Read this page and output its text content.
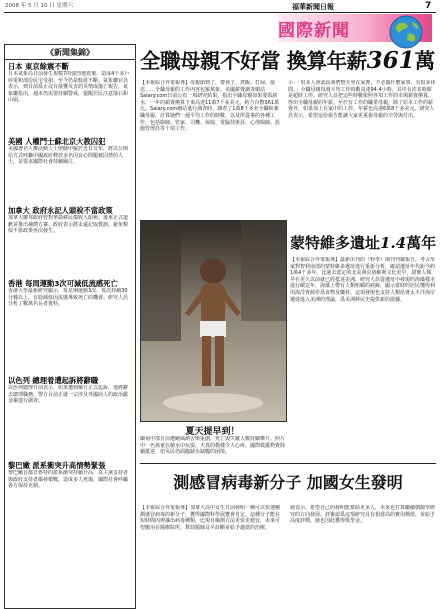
2008 年 5 月 10 日 星期六	福華新聞日報	7
國際新聞
《新聞集錦》
日本 東京餘震不斷
日本氣象局日前發生規模7的強烈地震後，造成4千多戶停電和部份民宅受損。至今仍是餘震不斷。氣象廳官員表示，到目前爲止沒有接獲災害的災情或傷亡報告，氣象廳指出，週末仍需要持續警戒，提醒居民注意落石和山崩。
美國 人權鬥士蘇北京大教囚犯
美國著名人權活動人士律師甲羅於近日宣布，將以公開信方式呼籲中國政府釋放多名因良心問題被囚禁的人士，並要求國際社會持續關注。
加拿大 政府永記人頭稅不當政策
加拿大聯邦政府曾對華裔移民徵收人頭稅，後來正式道歉並推出補償方案。政府表示將永遠記取教訓，避免類似不當政策再次發生。
香港 每周運動3次可減低流感死亡
香港大學最新研究顯示，每星期運動3次、每次持續30分鐘以上，有助減低因流感導致死亡的機會。研究人員分析了數萬名長者資料。
以色列 總理着遭起訴將辭職
以色列總理日前表示，如果遭到檢方正式起訴，他將辭去總理職務。警方目前正就一宗涉及外國商人的政治獻金案進行調查。
黎巴嫩 派系衝突升高情勢緊張
黎巴嫩首都貝魯特的派系衝突持續升高，真主黨支持者與政府支持者爆發槍戰，造成多人死傷，國際社會呼籲各方保持克制。
全職母親不好當 換算年薪361萬
【本報綜合外電報導】母親節到了，帶孩子、煮飯、打掃、接送……全職母親的工作內容包羅萬象。美國薪資調查網站Salary.com日前公布一項研究結果，指出全職母親如果要領薪水，一年的薪資換算下來高達11萬7千多美元，約合台幣361萬元。Salary.com網站進行調查時，調查了1萬8千多名全職和兼職母親，計算她們一週平均工作的時數，以及所從事的各種工作，包括廚師、管家、司機、保姆、電腦技術員、心理醫師、設施管理員等十項工作。
示：「很多人會認爲我們整天坐在家裡，不必做什麼家事，有很多休閒。」全職母親每週平均工作時數高達94.4小時，其中有許多時間是超時工作。研究人員把這些時數依照各項工作的市場薪資換算，得出全職母親的年薪。至於有工作的職業母親，除了原本工作的薪資外，如果加上在家中的工作，年薪也高達6萬8千多美元。研究人員表示，希望這份報告能讓大家更重視母親的辛勞與付出。
夏天提早到！
緬甸中部日前遭颶風納吉斯重創，死亡與失蹤人數持續攀升。照片中一名孩童在積水中玩耍，天真的模樣令人心疼。國際救援物資陸續抵達，但災民仍面臨缺水缺糧的困境。
蒙特維多遺址1.4萬年
【本報綜合外電報導】最新出刊的《科學》期刊刊載報告，考古學家對智利南部的蒙特維多遺址進行重新分析，確認遺址年代距今約1萬4千多年，比過去認定的北美洲克洛維斯文化更早，證實人類早在更久以前就已經抵達美洲。研究人員從遺址中發現的海藻樣本進行碳定年，海藻上帶有人類咀嚼的痕跡，顯示當時的居民懂得利用海洋資源作爲食物及藥材。這項發現也支持人類沿著太平洋海岸遷徙進入美洲的理論，爲美洲移民史提供新的證據。
測感冒病毒新分子 加國女生發明
【本報綜合外電報導】加拿大高中女生日前發明一種可以快速檢測感冒病毒的新分子，獲得國際科學展覽會肯定。這種分子能在短時間內辨識出病毒種類，比現有檢測方法更快更便宜，未來可望應用在醫療院所，幫助醫師及早診斷並給予適當的治療。
她表示，希望自己的發明能幫助更多人，未來也打算繼續朝醫學研究的方向發展。評審認爲這項研究具有相當高的實用價值，並給予高度評價，她也因此獲得獎學金。
